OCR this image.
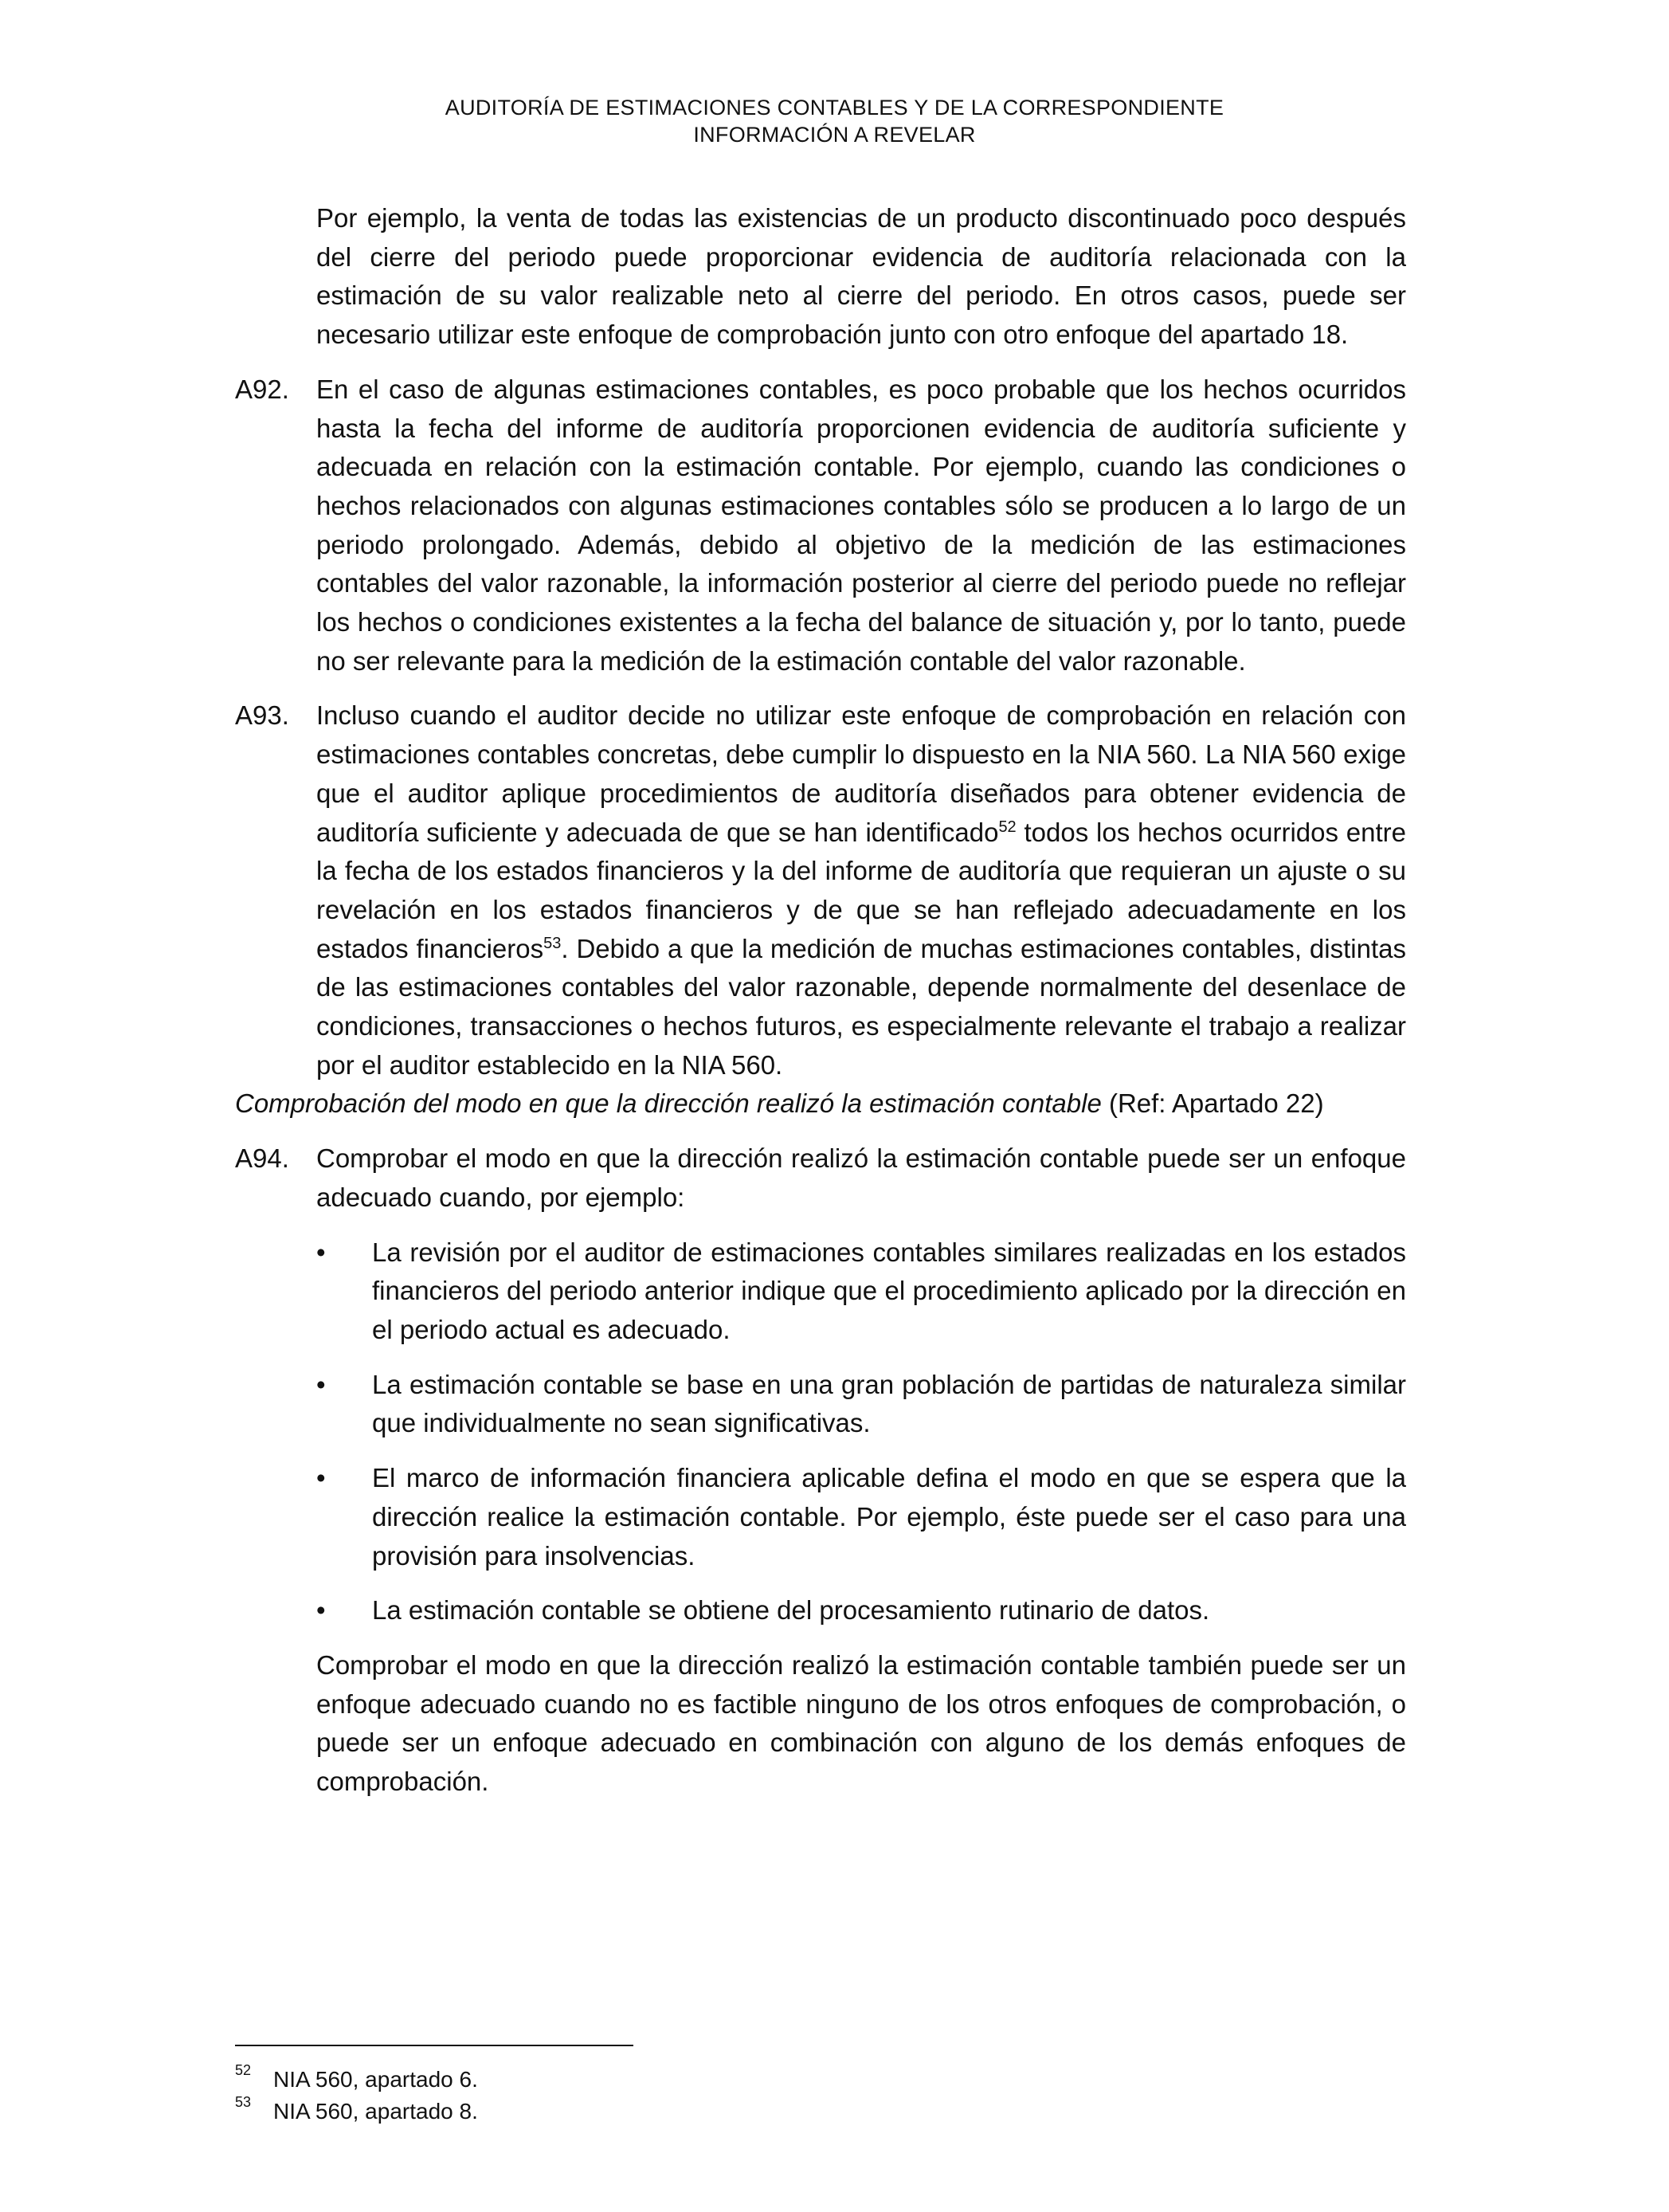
AUDITORÍA DE ESTIMACIONES CONTABLES Y DE LA CORRESPONDIENTE
INFORMACIÓN A REVELAR

Por ejemplo, la venta de todas las existencias de un producto discontinuado poco después del cierre del periodo puede proporcionar evidencia de auditoría relacionada con la estimación de su valor realizable neto al cierre del periodo. En otros casos, puede ser necesario utilizar este enfoque de comprobación junto con otro enfoque del apartado 18.

A92. En el caso de algunas estimaciones contables, es poco probable que los hechos ocurridos hasta la fecha del informe de auditoría proporcionen evidencia de auditoría suficiente y adecuada en relación con la estimación contable. Por ejemplo, cuando las condiciones o hechos relacionados con algunas estimaciones contables sólo se producen a lo largo de un periodo prolongado. Además, debido al objetivo de la medición de las estimaciones contables del valor razonable, la información posterior al cierre del periodo puede no reflejar los hechos o condiciones existentes a la fecha del balance de situación y, por lo tanto, puede no ser relevante para la medición de la estimación contable del valor razonable.

A93. Incluso cuando el auditor decide no utilizar este enfoque de comprobación en relación con estimaciones contables concretas, debe cumplir lo dispuesto en la NIA 560. La NIA 560 exige que el auditor aplique procedimientos de auditoría diseñados para obtener evidencia de auditoría suficiente y adecuada de que se han identificado$^{52}$ todos los hechos ocurridos entre la fecha de los estados financieros y la del informe de auditoría que requieran un ajuste o su revelación en los estados financieros y de que se han reflejado adecuadamente en los estados financieros$^{53}$. Debido a que la medición de muchas estimaciones contables, distintas de las estimaciones contables del valor razonable, depende normalmente del desenlace de condiciones, transacciones o hechos futuros, es especialmente relevante el trabajo a realizar por el auditor establecido en la NIA 560.

Comprobación del modo en que la dirección realizó la estimación contable (Ref: Apartado 22)

A94. Comprobar el modo en que la dirección realizó la estimación contable puede ser un enfoque adecuado cuando, por ejemplo:

• La revisión por el auditor de estimaciones contables similares realizadas en los estados financieros del periodo anterior indique que el procedimiento aplicado por la dirección en el periodo actual es adecuado.
• La estimación contable se base en una gran población de partidas de naturaleza similar que individualmente no sean significativas.
• El marco de información financiera aplicable defina el modo en que se espera que la dirección realice la estimación contable. Por ejemplo, éste puede ser el caso para una provisión para insolvencias.
• La estimación contable se obtiene del procesamiento rutinario de datos.

Comprobar el modo en que la dirección realizó la estimación contable también puede ser un enfoque adecuado cuando no es factible ninguno de los otros enfoques de comprobación, o puede ser un enfoque adecuado en combinación con alguno de los demás enfoques de comprobación.

52 NIA 560, apartado 6.
53 NIA 560, apartado 8.
